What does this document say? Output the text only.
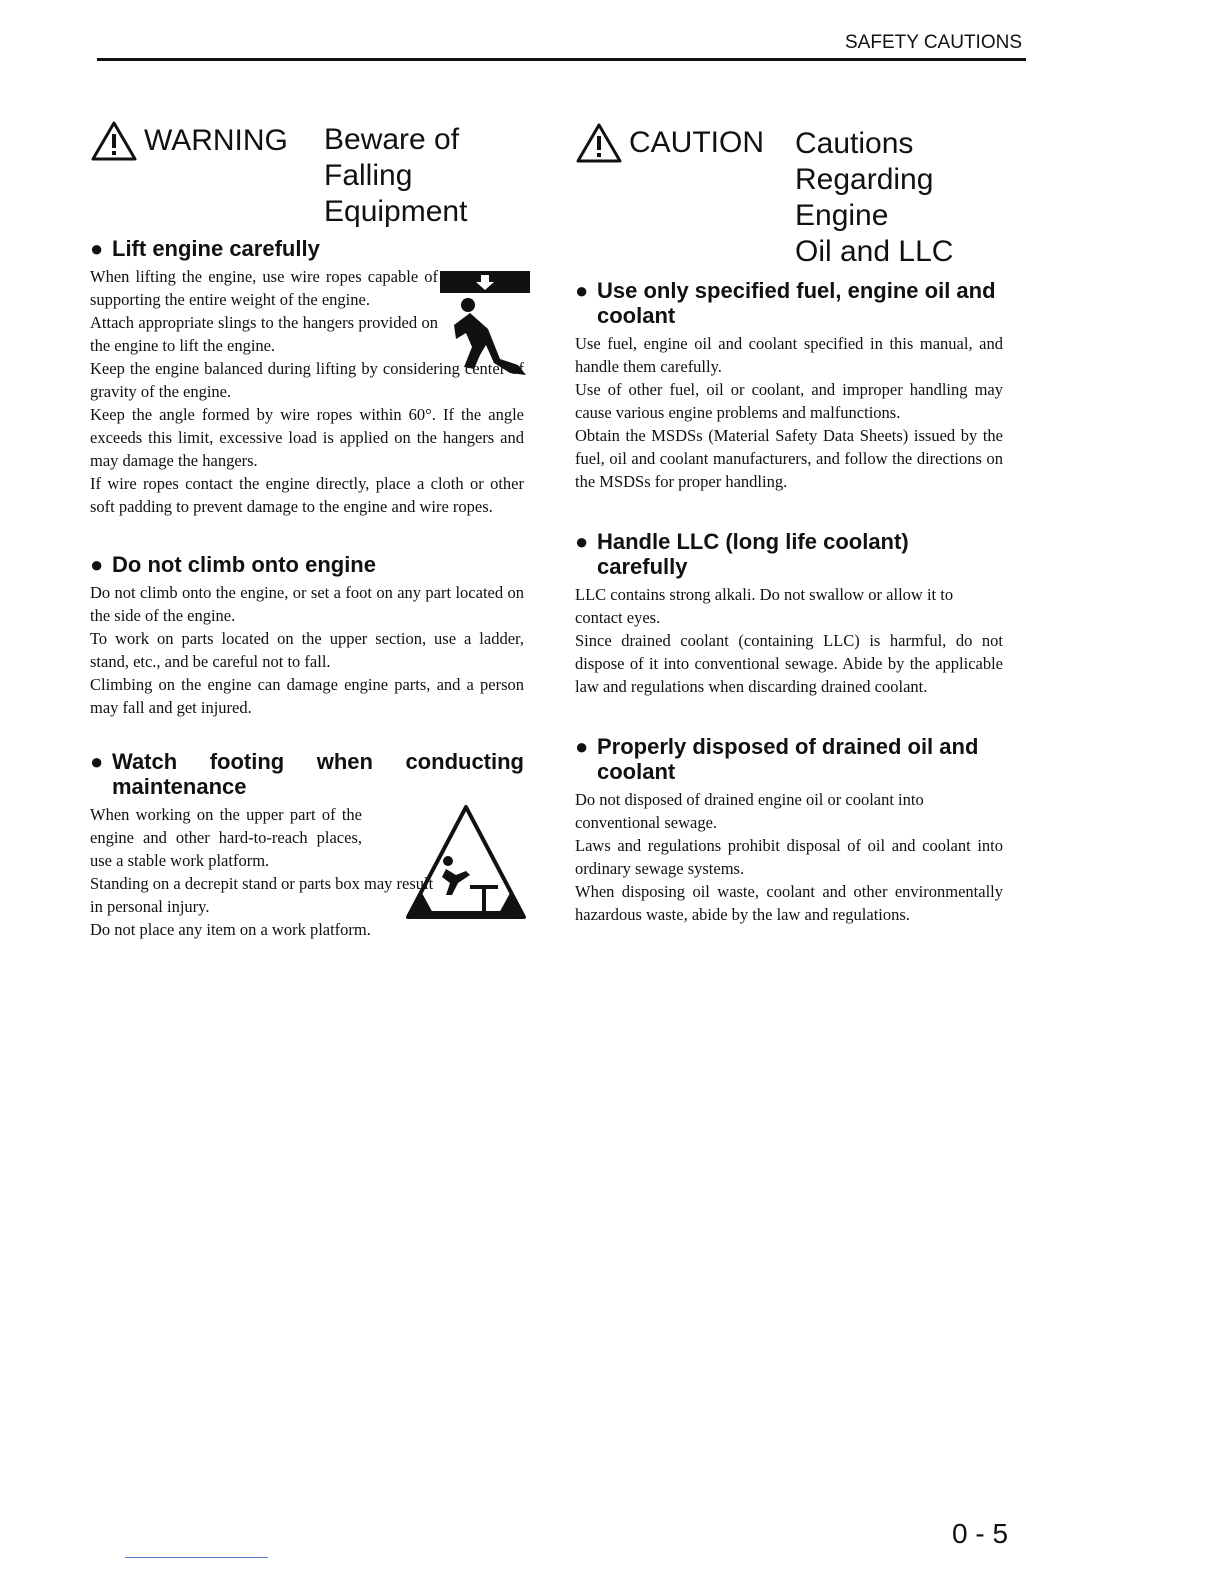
SAFETY CAUTIONS
WARNING Beware of
Falling
Equipment
● Lift engine carefully

When lifting the engine, use wire ropes capable of supporting the entire weight of the engine.

Attach appropriate slings to the hangers provided on the engine to lift the engine.

Keep the engine balanced during lifting by considering center of gravity of the engine.

Keep the angle formed by wire ropes within 60°. If the angle exceeds this limit, excessive load is applied on the hangers and may damage the hangers.

If wire ropes contact the engine directly, place a cloth or other soft padding to prevent damage to the engine and wire ropes.

● Do not climb onto engine

Do not climb onto the engine, or set a foot on any part located on the side of the engine.

To work on parts located on the upper section, use a ladder, stand, etc., and be careful not to fall.

Climbing on the engine can damage engine parts, and a person may fall and get injured.

● Watch footing when conducting maintenance

When working on the upper part of the engine and other hard-to-reach places, use a stable work platform.

Standing on a decrepit stand or parts box may result in personal injury.

Do not place any item on a work platform.

CAUTION Cautions
Regarding
Engine
Oil and LLC
● Use only specified fuel, engine oil and coolant

Use fuel, engine oil and coolant specified in this manual, and handle them carefully.

Use of other fuel, oil or coolant, and improper handling may cause various engine problems and malfunctions.

Obtain the MSDSs (Material Safety Data Sheets) issued by the fuel, oil and coolant manufacturers, and follow the directions on the MSDSs for proper handling.

● Handle LLC (long life coolant) carefully

LLC contains strong alkali. Do not swallow or allow it to contact eyes.

Since drained coolant (containing LLC) is harmful, do not dispose of it into conventional sewage. Abide by the applicable law and regulations when discarding drained coolant.

● Properly disposed of drained oil and coolant

Do not disposed of drained engine oil or coolant into conventional sewage.

Laws and regulations prohibit disposal of oil and coolant into ordinary sewage systems.

When disposing oil waste, coolant and other environmentally hazardous waste, abide by the law and regulations.

0 - 5
